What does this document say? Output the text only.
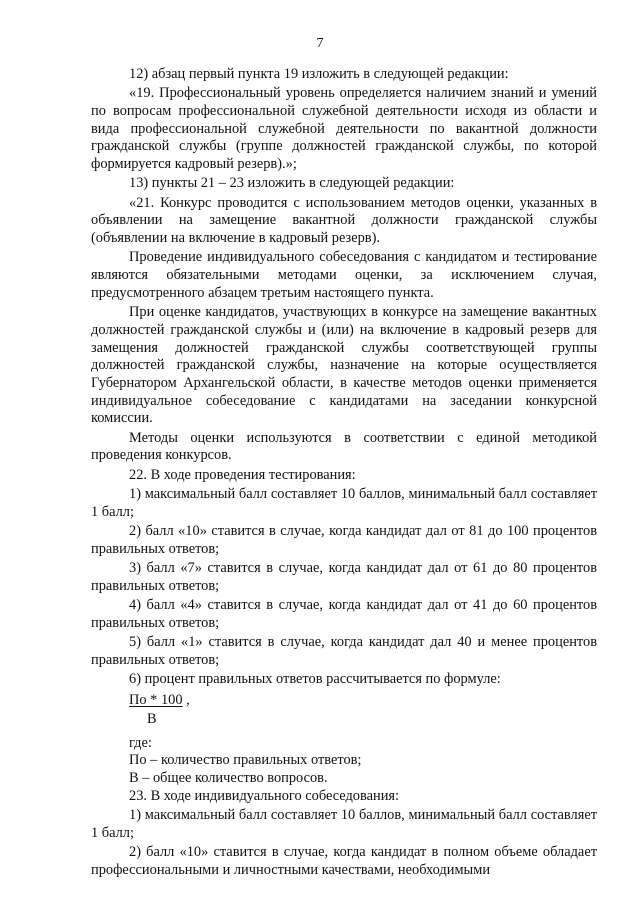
7

12) абзац первый пункта 19 изложить в следующей редакции:

«19. Профессиональный уровень определяется наличием знаний и умений по вопросам профессиональной служебной деятельности исходя из области и вида профессиональной служебной деятельности по вакантной должности гражданской службы (группе должностей гражданской службы, по которой формируется кадровый резерв).»;

13) пункты 21 – 23 изложить в следующей редакции:

«21. Конкурс проводится с использованием методов оценки, указанных в объявлении на замещение вакантной должности гражданской службы (объявлении на включение в кадровый резерв).

Проведение индивидуального собеседования с кандидатом и тестирование являются обязательными методами оценки, за исключением случая, предусмотренного абзацем третьим настоящего пункта.

При оценке кандидатов, участвующих в конкурсе на замещение вакантных должностей гражданской службы и (или) на включение в кадровый резерв для замещения должностей гражданской службы соответствующей группы должностей гражданской службы, назначение на которые осуществляется Губернатором Архангельской области, в качестве методов оценки применяется индивидуальное собеседование с кандидатами на заседании конкурсной комиссии.

Методы оценки используются в соответствии с единой методикой проведения конкурсов.

22. В ходе проведения тестирования:

1) максимальный балл составляет 10 баллов, минимальный балл составляет 1 балл;

2) балл «10» ставится в случае, когда кандидат дал от 81 до 100 процентов правильных ответов;

3) балл «7» ставится в случае, когда кандидат дал от 61 до 80 процентов правильных ответов;

4) балл «4» ставится в случае, когда кандидат дал от 41 до 60 процентов правильных ответов;

5) балл «1» ставится в случае, когда кандидат дал 40 и менее процентов правильных ответов;

6) процент правильных ответов рассчитывается по формуле:

По * 100 ,
В

где:

По – количество правильных ответов;

В – общее количество вопросов.

23. В ходе индивидуального собеседования:

1) максимальный балл составляет 10 баллов, минимальный балл составляет 1 балл;

2) балл «10» ставится в случае, когда кандидат в полном объеме обладает профессиональными и личностными качествами, необходимыми
